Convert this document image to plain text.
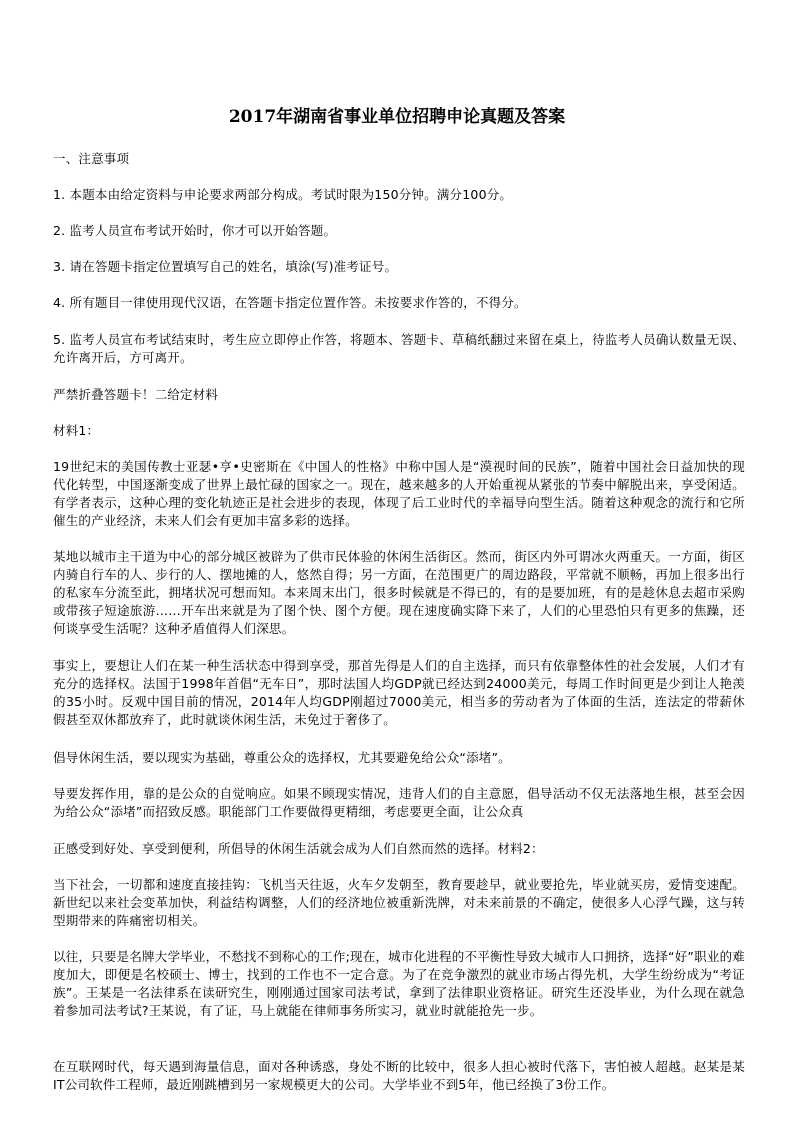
2017年湖南省事业单位招聘申论真题及答案

一、注意事项

1. 本题本由给定资料与申论要求两部分构成。考试时限为150分钟。满分100分。

2. 监考人员宣布考试开始时，你才可以开始答题。

3. 请在答题卡指定位置填写自己的姓名，填涂(写)准考证号。

4. 所有题目一律使用现代汉语，在答题卡指定位置作答。未按要求作答的，不得分。

5. 监考人员宣布考试结束时，考生应立即停止作答，将题本、答题卡、草稿纸翻过来留在桌上，待监考人员确认数量无误、允许离开后，方可离开。

严禁折叠答题卡！二给定材料

材料1：

19世纪末的美国传教士亚瑟•亨•史密斯在《中国人的性格》中称中国人是“漠视时间的民族”，随着中国社会日益加快的现代化转型，中国逐渐变成了世界上最忙碌的国家之一。现在，越来越多的人开始重视从紧张的节奏中解脱出来，享受闲适。有学者表示，这种心理的变化轨迹正是社会进步的表现，体现了后工业时代的幸福导向型生活。随着这种观念的流行和它所催生的产业经济，未来人们会有更加丰富多彩的选择。

某地以城市主干道为中心的部分城区被辟为了供市民体验的休闲生活街区。然而，街区内外可谓冰火两重天。一方面，街区内骑自行车的人、步行的人、摆地摊的人，悠然自得；另一方面，在范围更广的周边路段，平常就不顺畅，再加上很多出行的私家车分流至此，拥堵状况可想而知。本来周末出门，很多时候就是不得已的，有的是要加班，有的是趁休息去超市采购或带孩子短途旅游……开车出来就是为了图个快、图个方便。现在速度确实降下来了，人们的心里恐怕只有更多的焦躁，还何谈享受生活呢？这种矛盾值得人们深思。

事实上，要想让人们在某一种生活状态中得到享受，那首先得是人们的自主选择，而只有依靠整体性的社会发展，人们才有充分的选择权。法国于1998年首倡“无车日”，那时法国人均GDP就已经达到24000美元，每周工作时间更是少到让人艳羡的35小时。反观中国目前的情况，2014年人均GDP刚超过7000美元，相当多的劳动者为了体面的生活，连法定的带薪休假甚至双休都放弃了，此时就谈休闲生活，未免过于奢侈了。

倡导休闲生活，要以现实为基础，尊重公众的选择权，尤其要避免给公众“添堵”。

导要发挥作用，靠的是公众的自觉响应。如果不顾现实情况，违背人们的自主意愿，倡导活动不仅无法落地生根，甚至会因为给公众“添堵”而招致反感。职能部门工作要做得更精细，考虑要更全面，让公众真

正感受到好处、享受到便利，所倡导的休闲生活就会成为人们自然而然的选择。材料2：

当下社会，一切都和速度直接挂钩：飞机当天往返，火车夕发朝至，教育要趁早，就业要抢先，毕业就买房，爱情变速配。新世纪以来社会变革加快，利益结构调整，人们的经济地位被重新洗牌，对未来前景的不确定，使很多人心浮气躁，这与转型期带来的阵痛密切相关。

以往，只要是名牌大学毕业，不愁找不到称心的工作;现在，城市化进程的不平衡性导致大城市人口拥挤，选择“好”职业的难度加大，即便是名校硕士、博士，找到的工作也不一定合意。为了在竞争激烈的就业市场占得先机，大学生纷纷成为“考证族”。王某是一名法律系在读研究生，刚刚通过国家司法考试，拿到了法律职业资格证。研究生还没毕业，为什么现在就急着参加司法考试?王某说，有了证，马上就能在律师事务所实习，就业时就能抢先一步。

在互联网时代，每天遇到海量信息，面对各种诱惑，身处不断的比较中，很多人担心被时代落下，害怕被人超越。赵某是某IT公司软件工程师，最近刚跳槽到另一家规模更大的公司。大学毕业不到5年，他已经换了3份工作。
